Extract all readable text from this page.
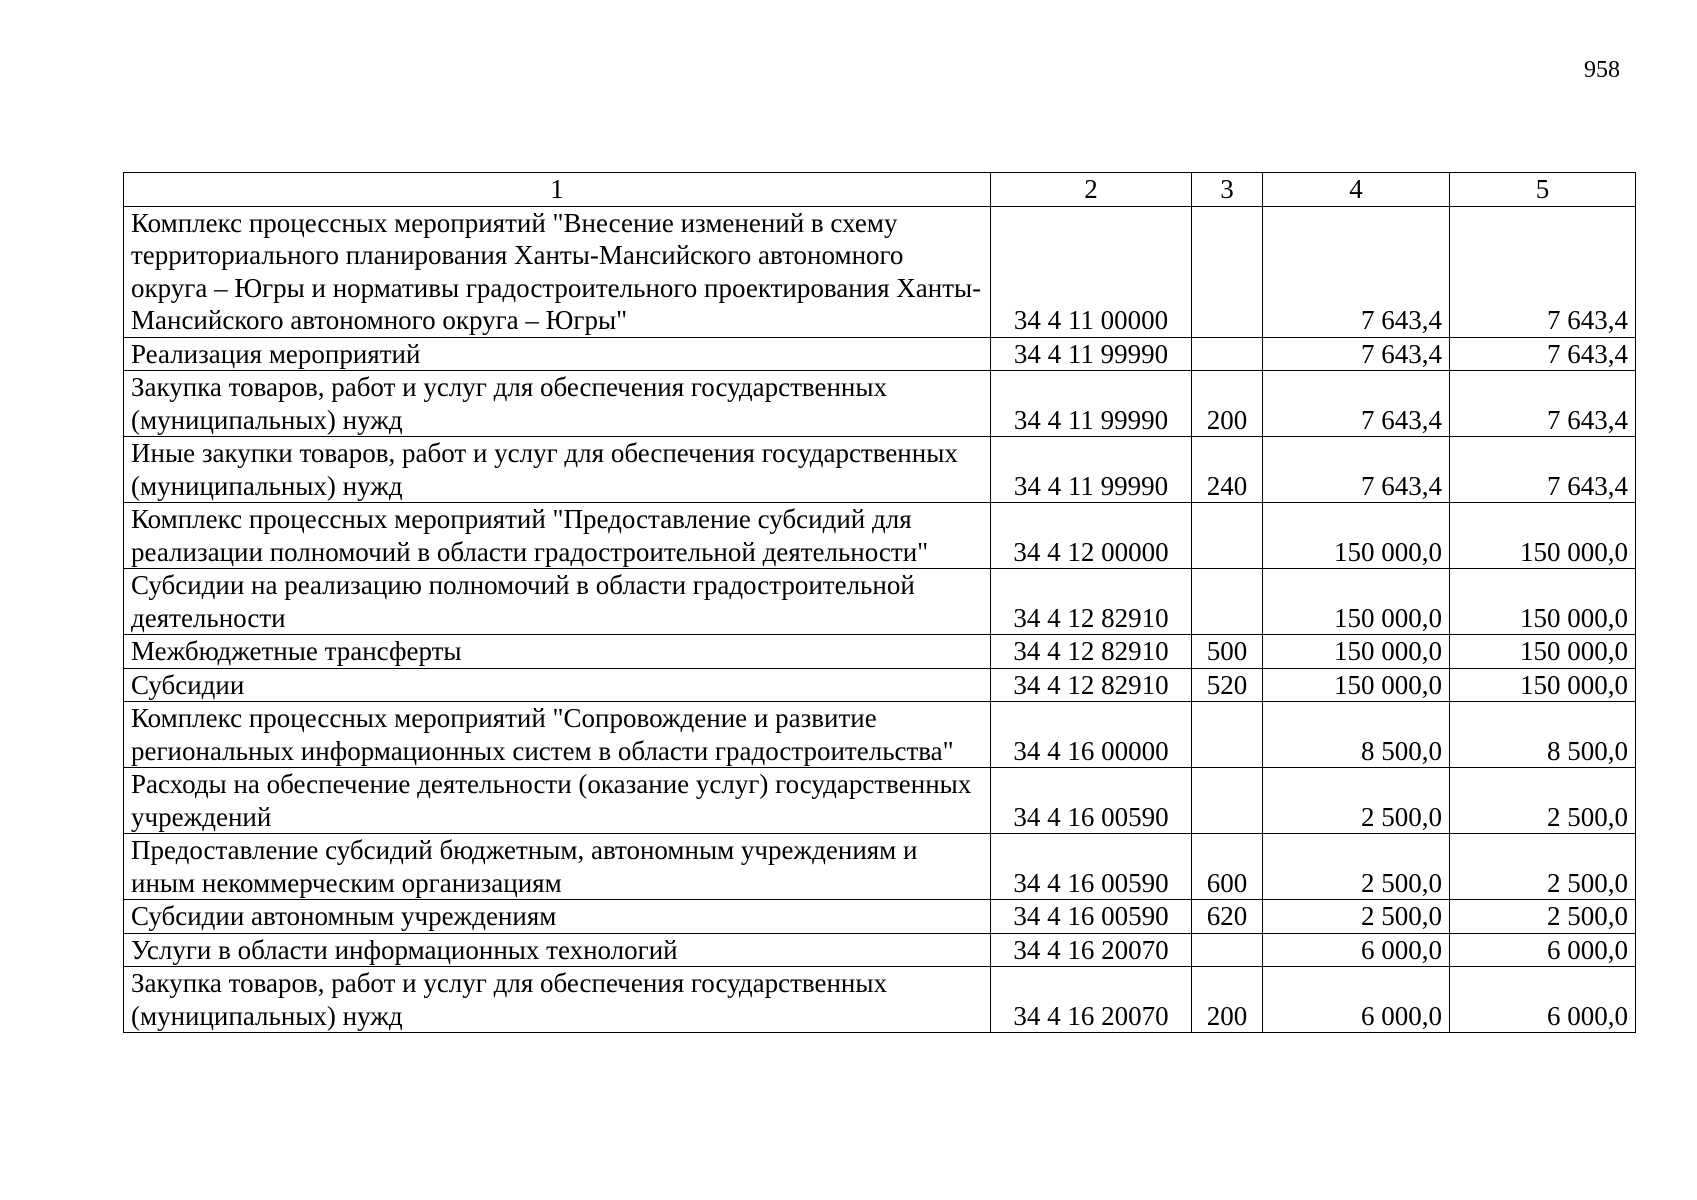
958
1	2	3	4	5
Комплекс процессных мероприятий "Внесение изменений в схему территориального планирования Ханты-Мансийского автономного округа – Югры и нормативы градостроительного проектирования Ханты-Мансийского автономного округа – Югры"	34 4 11 00000		7 643,4	7 643,4
Реализация мероприятий	34 4 11 99990		7 643,4	7 643,4
Закупка товаров, работ и услуг для обеспечения государственных (муниципальных) нужд	34 4 11 99990	200	7 643,4	7 643,4
Иные закупки товаров, работ и услуг для обеспечения государственных (муниципальных) нужд	34 4 11 99990	240	7 643,4	7 643,4
Комплекс процессных мероприятий "Предоставление субсидий для реализации полномочий в области градостроительной деятельности"	34 4 12 00000		150 000,0	150 000,0
Субсидии на реализацию полномочий в области градостроительной деятельности	34 4 12 82910		150 000,0	150 000,0
Межбюджетные трансферты	34 4 12 82910	500	150 000,0	150 000,0
Субсидии	34 4 12 82910	520	150 000,0	150 000,0
Комплекс процессных мероприятий "Сопровождение и развитие региональных информационных систем в области градостроительства"	34 4 16 00000		8 500,0	8 500,0
Расходы на обеспечение деятельности (оказание услуг) государственных учреждений	34 4 16 00590		2 500,0	2 500,0
Предоставление субсидий бюджетным, автономным учреждениям и иным некоммерческим организациям	34 4 16 00590	600	2 500,0	2 500,0
Субсидии автономным учреждениям	34 4 16 00590	620	2 500,0	2 500,0
Услуги в области информационных технологий	34 4 16 20070		6 000,0	6 000,0
Закупка товаров, работ и услуг для обеспечения государственных (муниципальных) нужд	34 4 16 20070	200	6 000,0	6 000,0
